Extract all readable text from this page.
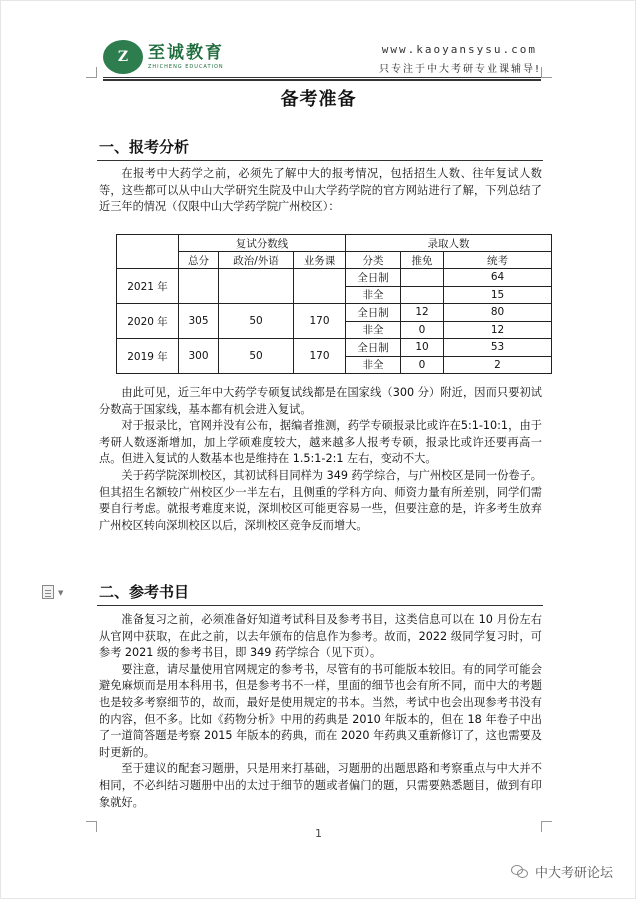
Z	至诚教育
ZHICHENG EDUCATION
www.kaoyansysu.com
只专注于中大考研专业课辅导!
备考准备
一、报考分析

在报考中大药学之前，必须先了解中大的报考情况，包括招生人数、往年复试人数等，这些都可以从中山大学研究生院及中山大学药学院的官方网站进行了解，下列总结了近三年的情况（仅限中山大学药学院广州校区）：

	复试分数线			录取人数		
	总分	政治/外语	业务课	分类	推免	统考
2021 年				全日制		64
				非全		15
2020 年	305	50	170	全日制	12	80
				非全	0	12
2019 年	300	50	170	全日制	10	53
				非全	0	2

由此可见，近三年中大药学专硕复试线都是在国家线（300 分）附近，因而只要初试分数高于国家线，基本都有机会进入复试。

对于报录比，官网并没有公布，据编者推测，药学专硕报录比或许在5:1-10:1，由于考研人数逐渐增加，加上学硕难度较大，越来越多人报考专硕，报录比或许还要再高一点。但进入复试的人数基本也是维持在 1.5:1-2:1 左右，变动不大。

关于药学院深圳校区，其初试科目同样为 349 药学综合，与广州校区是同一份卷子。但其招生名额较广州校区少一半左右，且侧重的学科方向、师资力量有所差别，同学们需要自行考虑。就报考难度来说，深圳校区可能更容易一些，但要注意的是，许多考生放弃广州校区转向深圳校区以后，深圳校区竞争反而增大。

▼ 二、参考书目

准备复习之前，必须准备好知道考试科目及参考书目，这类信息可以在 10 月份左右从官网中获取，在此之前，以去年颁布的信息作为参考。故而，2022 级同学复习时，可参考 2021 级的参考书目，即 349 药学综合（见下页）。

要注意，请尽量使用官网规定的参考书，尽管有的书可能版本较旧。有的同学可能会避免麻烦而是用本科用书，但是参考书不一样，里面的细节也会有所不同，而中大的考题也是较多考察细节的，故而，最好是使用规定的书本。当然，考试中也会出现参考书没有的内容，但不多。比如《药物分析》中用的药典是 2010 年版本的，但在 18 年卷子中出了一道简答题是考察 2015 年版本的药典，而在 2020 年药典又重新修订了，这也需要及时更新的。

至于建议的配套习题册，只是用来打基础，习题册的出题思路和考察重点与中大并不相同，不必纠结习题册中出的太过于细节的题或者偏门的题，只需要熟悉题目，做到有印象就好。

1
中大考研论坛
